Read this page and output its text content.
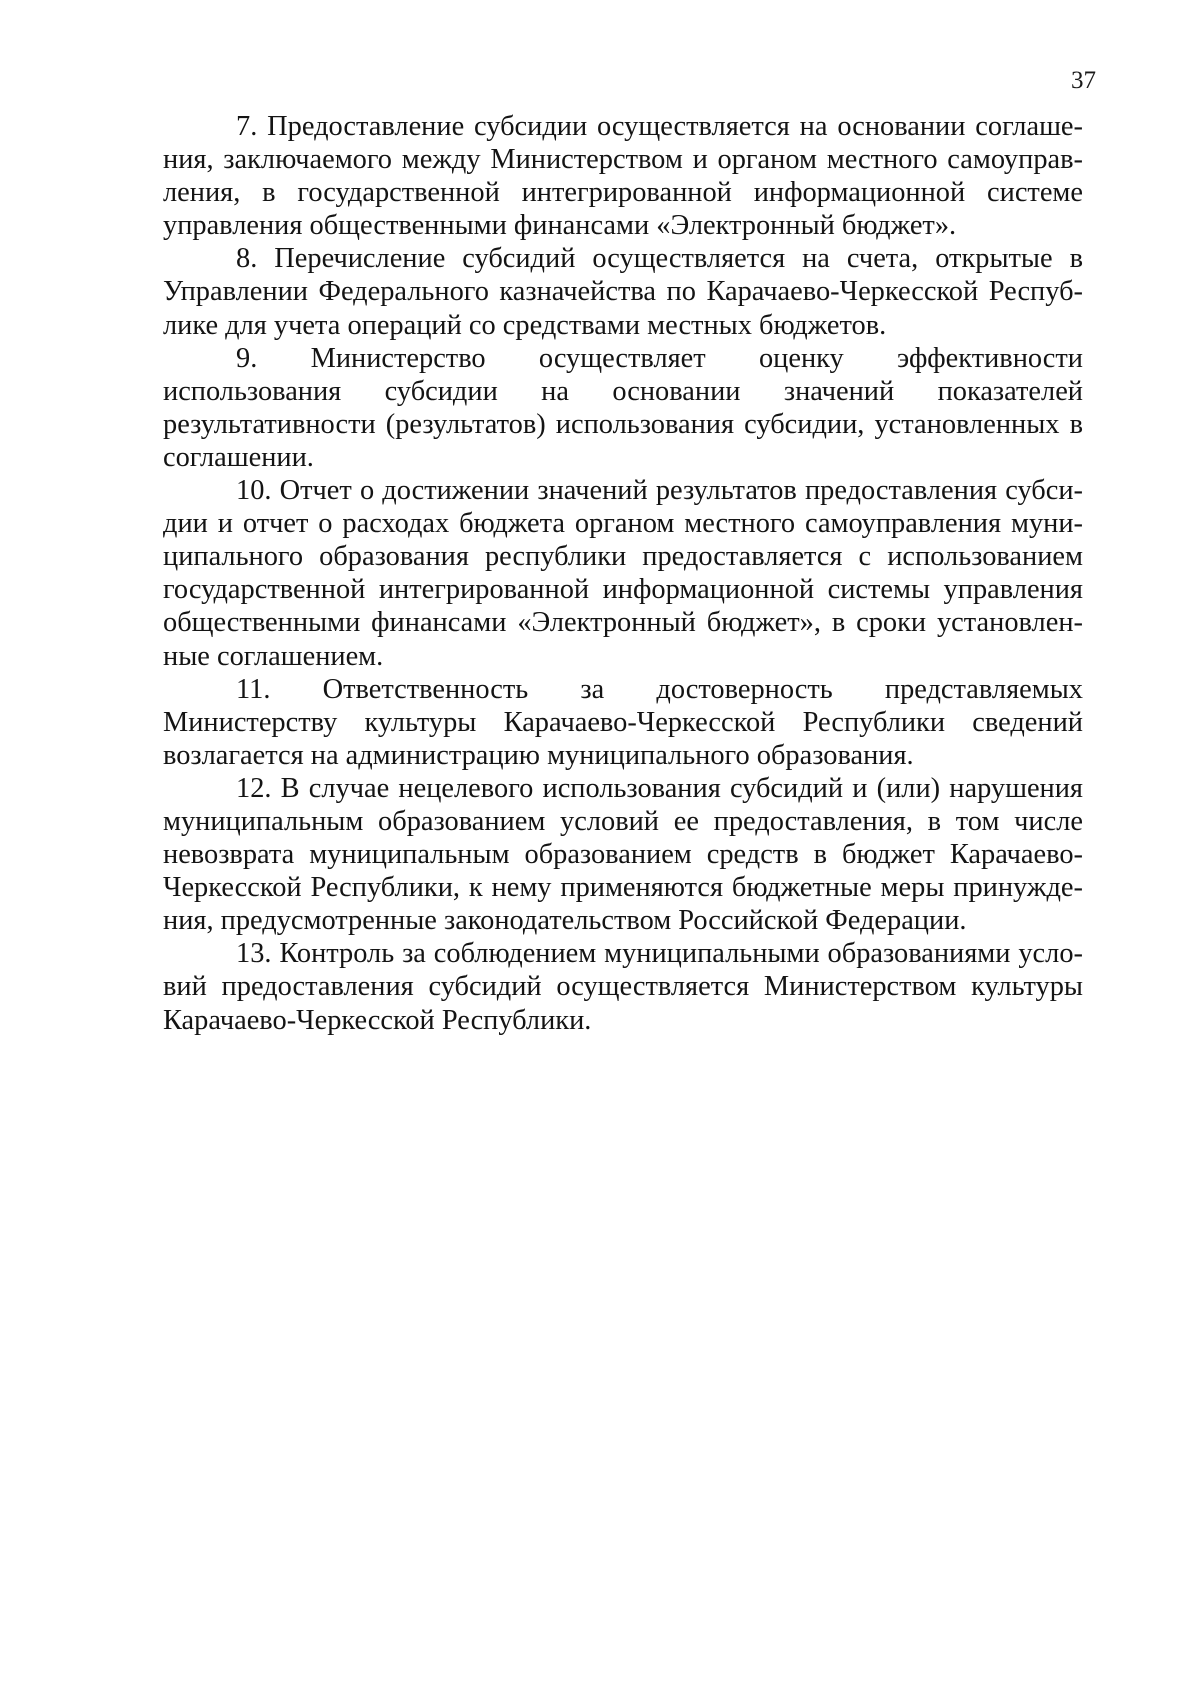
37

7. Предоставление субсидии осуществляется на основании соглашения, заключаемого между Министерством и органом местного самоуправления, в государственной интегрированной информационной системе управления общественными финансами «Электронный бюджет».

8. Перечисление субсидий осуществляется на счета, открытые в Управлении Федерального казначейства по Карачаево-Черкесской Республике для учета операций со средствами местных бюджетов.

9. Министерство осуществляет оценку эффективности использования субсидии на основании значений показателей результативности (результатов) использования субсидии, установленных в соглашении.

10. Отчет о достижении значений результатов предоставления субсидии и отчет о расходах бюджета органом местного самоуправления муниципального образования республики предоставляется с использованием государственной интегрированной информационной системы управления общественными финансами «Электронный бюджет», в сроки установленные соглашением.

11. Ответственность за достоверность представляемых Министерству культуры Карачаево-Черкесской Республики сведений возлагается на администрацию муниципального образования.

12. В случае нецелевого использования субсидий и (или) нарушения муниципальным образованием условий ее предоставления, в том числе невозврата муниципальным образованием средств в бюджет Карачаево-Черкесской Республики, к нему применяются бюджетные меры принуждения, предусмотренные законодательством Российской Федерации.

13. Контроль за соблюдением муниципальными образованиями условий предоставления субсидий осуществляется Министерством культуры Карачаево-Черкесской Республики.
